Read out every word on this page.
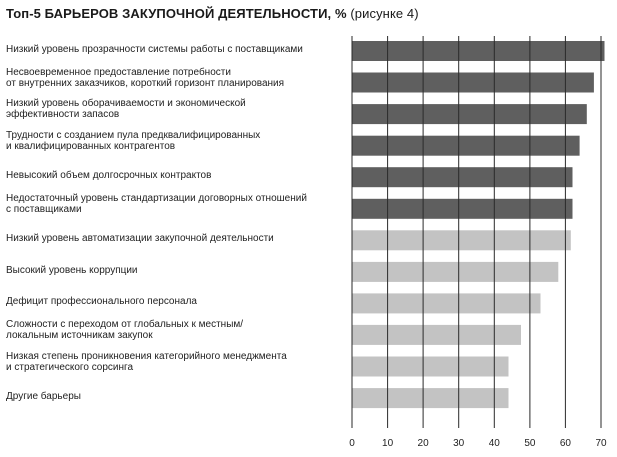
Топ-5 БАРЬЕРОВ ЗАКУПОЧНОЙ ДЕЯТЕЛЬНОСТИ, % (рисунке 4)
Низкий уровень прозрачности системы работы с поставщиками
Несвоевременное предоставление потребности
от внутренних заказчиков, короткий горизонт планирования
Низкий уровень оборачиваемости и экономической
эффективности запасов
Трудности с созданием пула предквалифицированных
и квалифицированных контрагентов
Невысокий объем долгосрочных контрактов
Недостаточный уровень стандартизации договорных отношений
с поставщиками
Низкий уровень автоматизации закупочной деятельности
Высокий уровень коррупции
Дефицит профессионального персонала
Сложности с переходом от глобальных к местным/
локальным источникам закупок
Низкая степень проникновения категорийного менеджмента
и стратегического сорсинга
Другие барьеры
0	10 20 30 40 50 60 70
